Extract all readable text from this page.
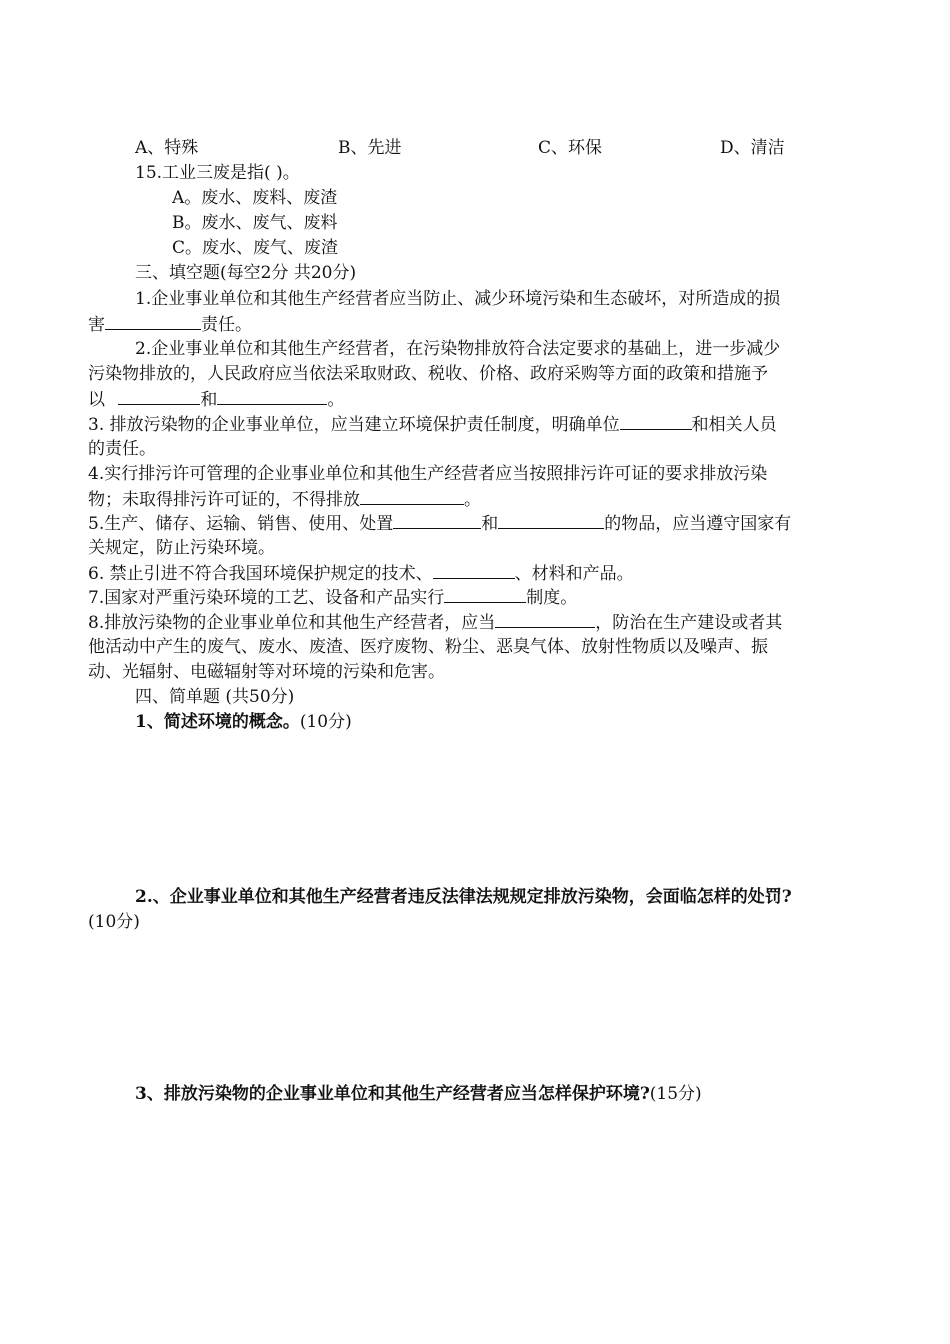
A、特殊	B、先进	C、环保	D、清洁
15.工业三废是指( )。
A。废水、废料、废渣
B。废水、废气、废料
C。废水、废气、废渣
三、填空题(每空2分 共20分)
1.企业事业单位和其他生产经营者应当防止、减少环境污染和生态破坏，对所造成的损
害	责任。
2.企业事业单位和其他生产经营者，在污染物排放符合法定要求的基础上，进一步减少
污染物排放的，人民政府应当依法采取财政、税收、价格、政府采购等方面的政策和措施予
以	和	。
3. 排放污染物的企业事业单位，应当建立环境保护责任制度，明确单位	和相关人员
的责任。
4.实行排污许可管理的企业事业单位和其他生产经营者应当按照排污许可证的要求排放污染
物；未取得排污许可证的，不得排放	。
5.生产、储存、运输、销售、使用、处置	和	的物品，应当遵守国家有
关规定，防止污染环境。
6. 禁止引进不符合我国环境保护规定的技术、	、材料和产品。
7.国家对严重污染环境的工艺、设备和产品实行	制度。
8.排放污染物的企业事业单位和其他生产经营者，应当	，防治在生产建设或者其
他活动中产生的废气、废水、废渣、医疗废物、粉尘、恶臭气体、放射性物质以及噪声、振
动、光辐射、电磁辐射等对环境的污染和危害。
四、简单题 (共50分)
1、简述环境的概念。(10分)
2.、企业事业单位和其他生产经营者违反法律法规规定排放污染物，会面临怎样的处罚?
(10分)
3、排放污染物的企业事业单位和其他生产经营者应当怎样保护环境?(15分)
